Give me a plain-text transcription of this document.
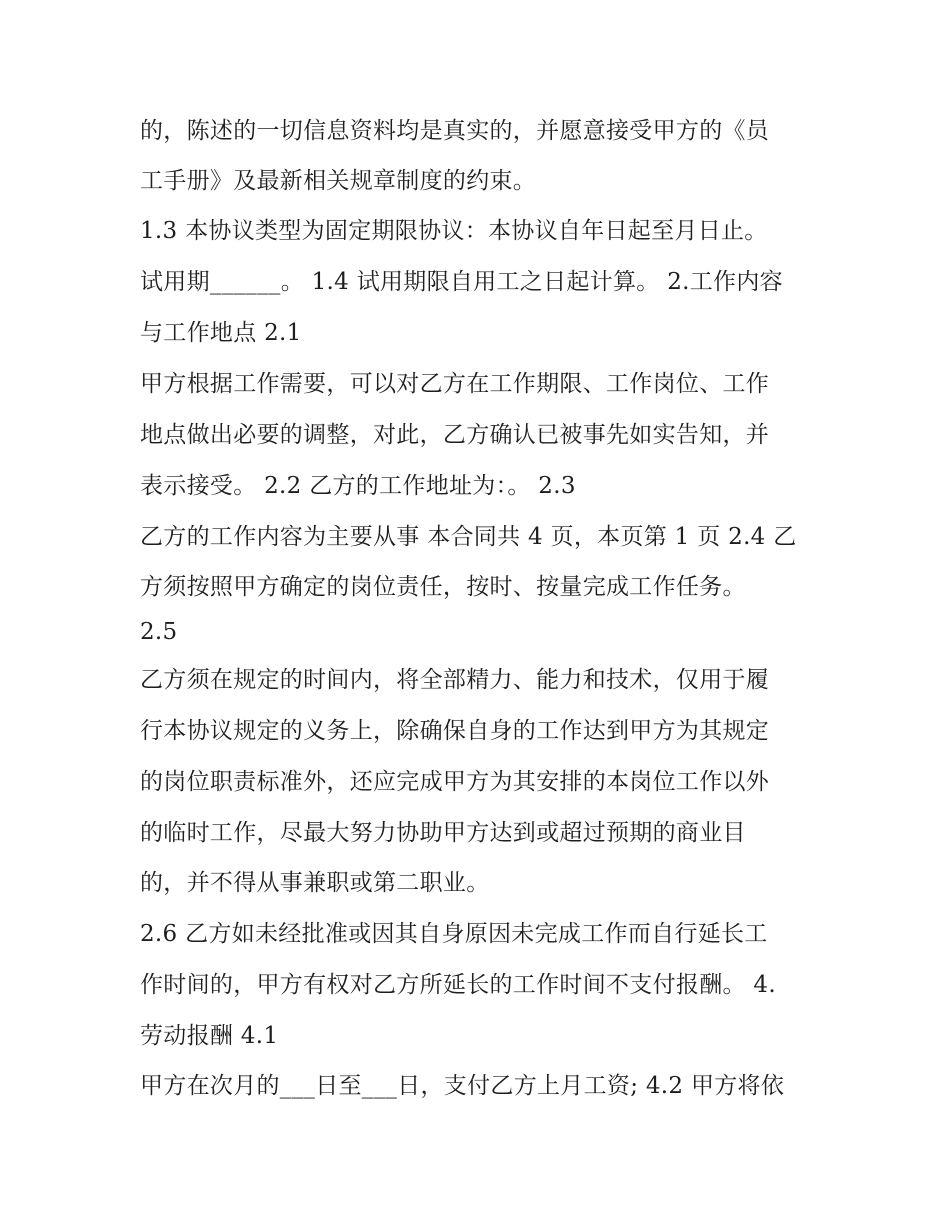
的，陈述的一切信息资料均是真实的，并愿意接受甲方的《员
工手册》及最新相关规章制度的约束。
1.3 本协议类型为固定期限协议：本协议自年日起至月日止。
试用期______。 1.4 试用期限自用工之日起计算。 2.工作内容
与工作地点 2.1
甲方根据工作需要，可以对乙方在工作期限、工作岗位、工作
地点做出必要的调整，对此，乙方确认已被事先如实告知，并
表示接受。 2.2 乙方的工作地址为：。 2.3
乙方的工作内容为主要从事 本合同共 4 页，本页第 1 页 2.4 乙
方须按照甲方确定的岗位责任，按时、按量完成工作任务。
2.5
乙方须在规定的时间内，将全部精力、能力和技术，仅用于履
行本协议规定的义务上，除确保自身的工作达到甲方为其规定
的岗位职责标准外，还应完成甲方为其安排的本岗位工作以外
的临时工作，尽最大努力协助甲方达到或超过预期的商业目
的，并不得从事兼职或第二职业。
2.6 乙方如未经批准或因其自身原因未完成工作而自行延长工
作时间的，甲方有权对乙方所延长的工作时间不支付报酬。 4.
劳动报酬 4.1
甲方在次月的___日至___日，支付乙方上月工资; 4.2 甲方将依
